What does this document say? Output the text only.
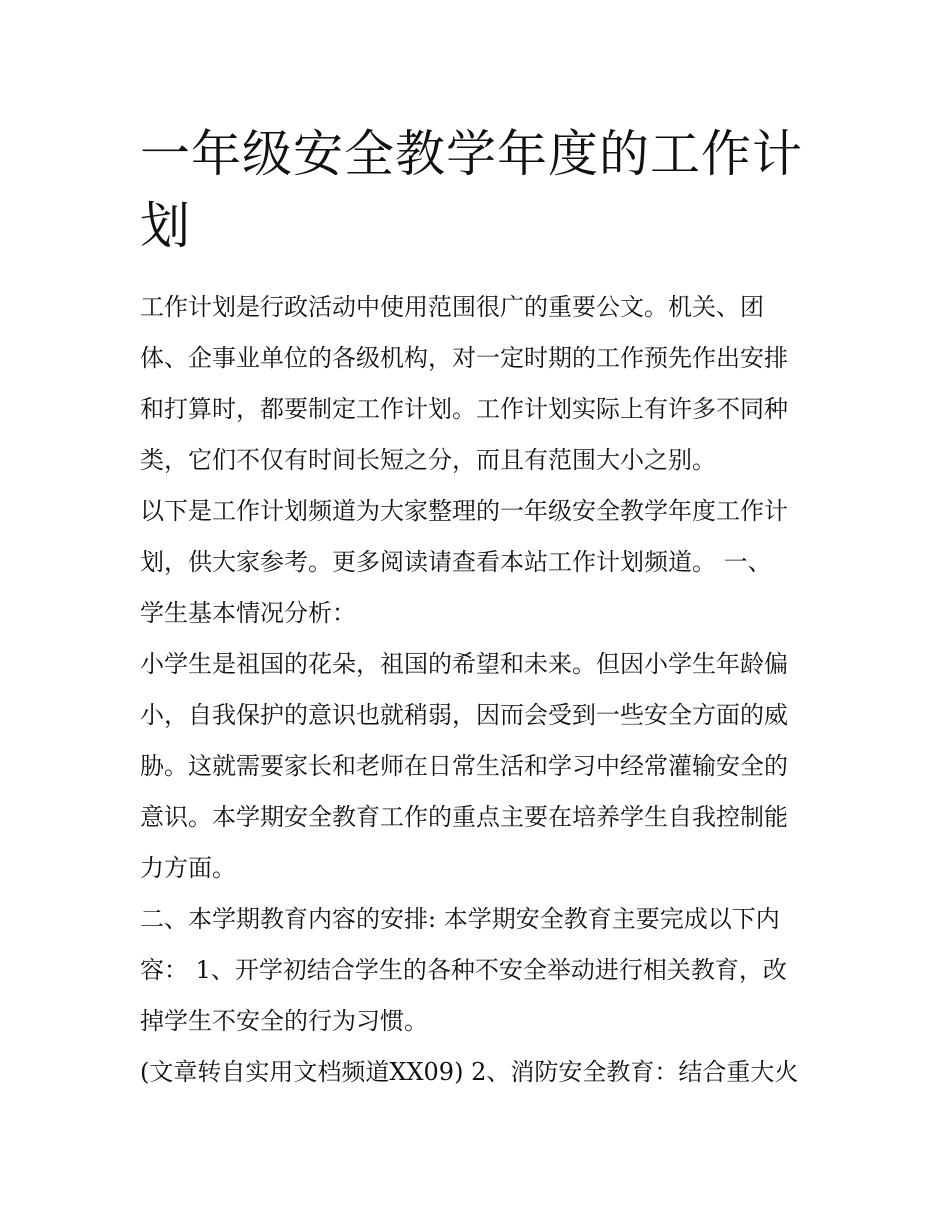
一年级安全教学年度的工作计
划
工作计划是行政活动中使用范围很广的重要公文。机关、团
体、企事业单位的各级机构，对一定时期的工作预先作出安排
和打算时，都要制定工作计划。工作计划实际上有许多不同种
类，它们不仅有时间长短之分，而且有范围大小之别。
以下是工作计划频道为大家整理的一年级安全教学年度工作计
划，供大家参考。更多阅读请查看本站工作计划频道。 一、
学生基本情况分析：
小学生是祖国的花朵，祖国的希望和未来。但因小学生年龄偏
小，自我保护的意识也就稍弱，因而会受到一些安全方面的威
胁。这就需要家长和老师在日常生活和学习中经常灌输安全的
意识。本学期安全教育工作的重点主要在培养学生自我控制能
力方面。
二、本学期教育内容的安排: 本学期安全教育主要完成以下内
容： 1、开学初结合学生的各种不安全举动进行相关教育，改
掉学生不安全的行为习惯。
(文章转自实用文档频道XX09) 2、消防安全教育：结合重大火
